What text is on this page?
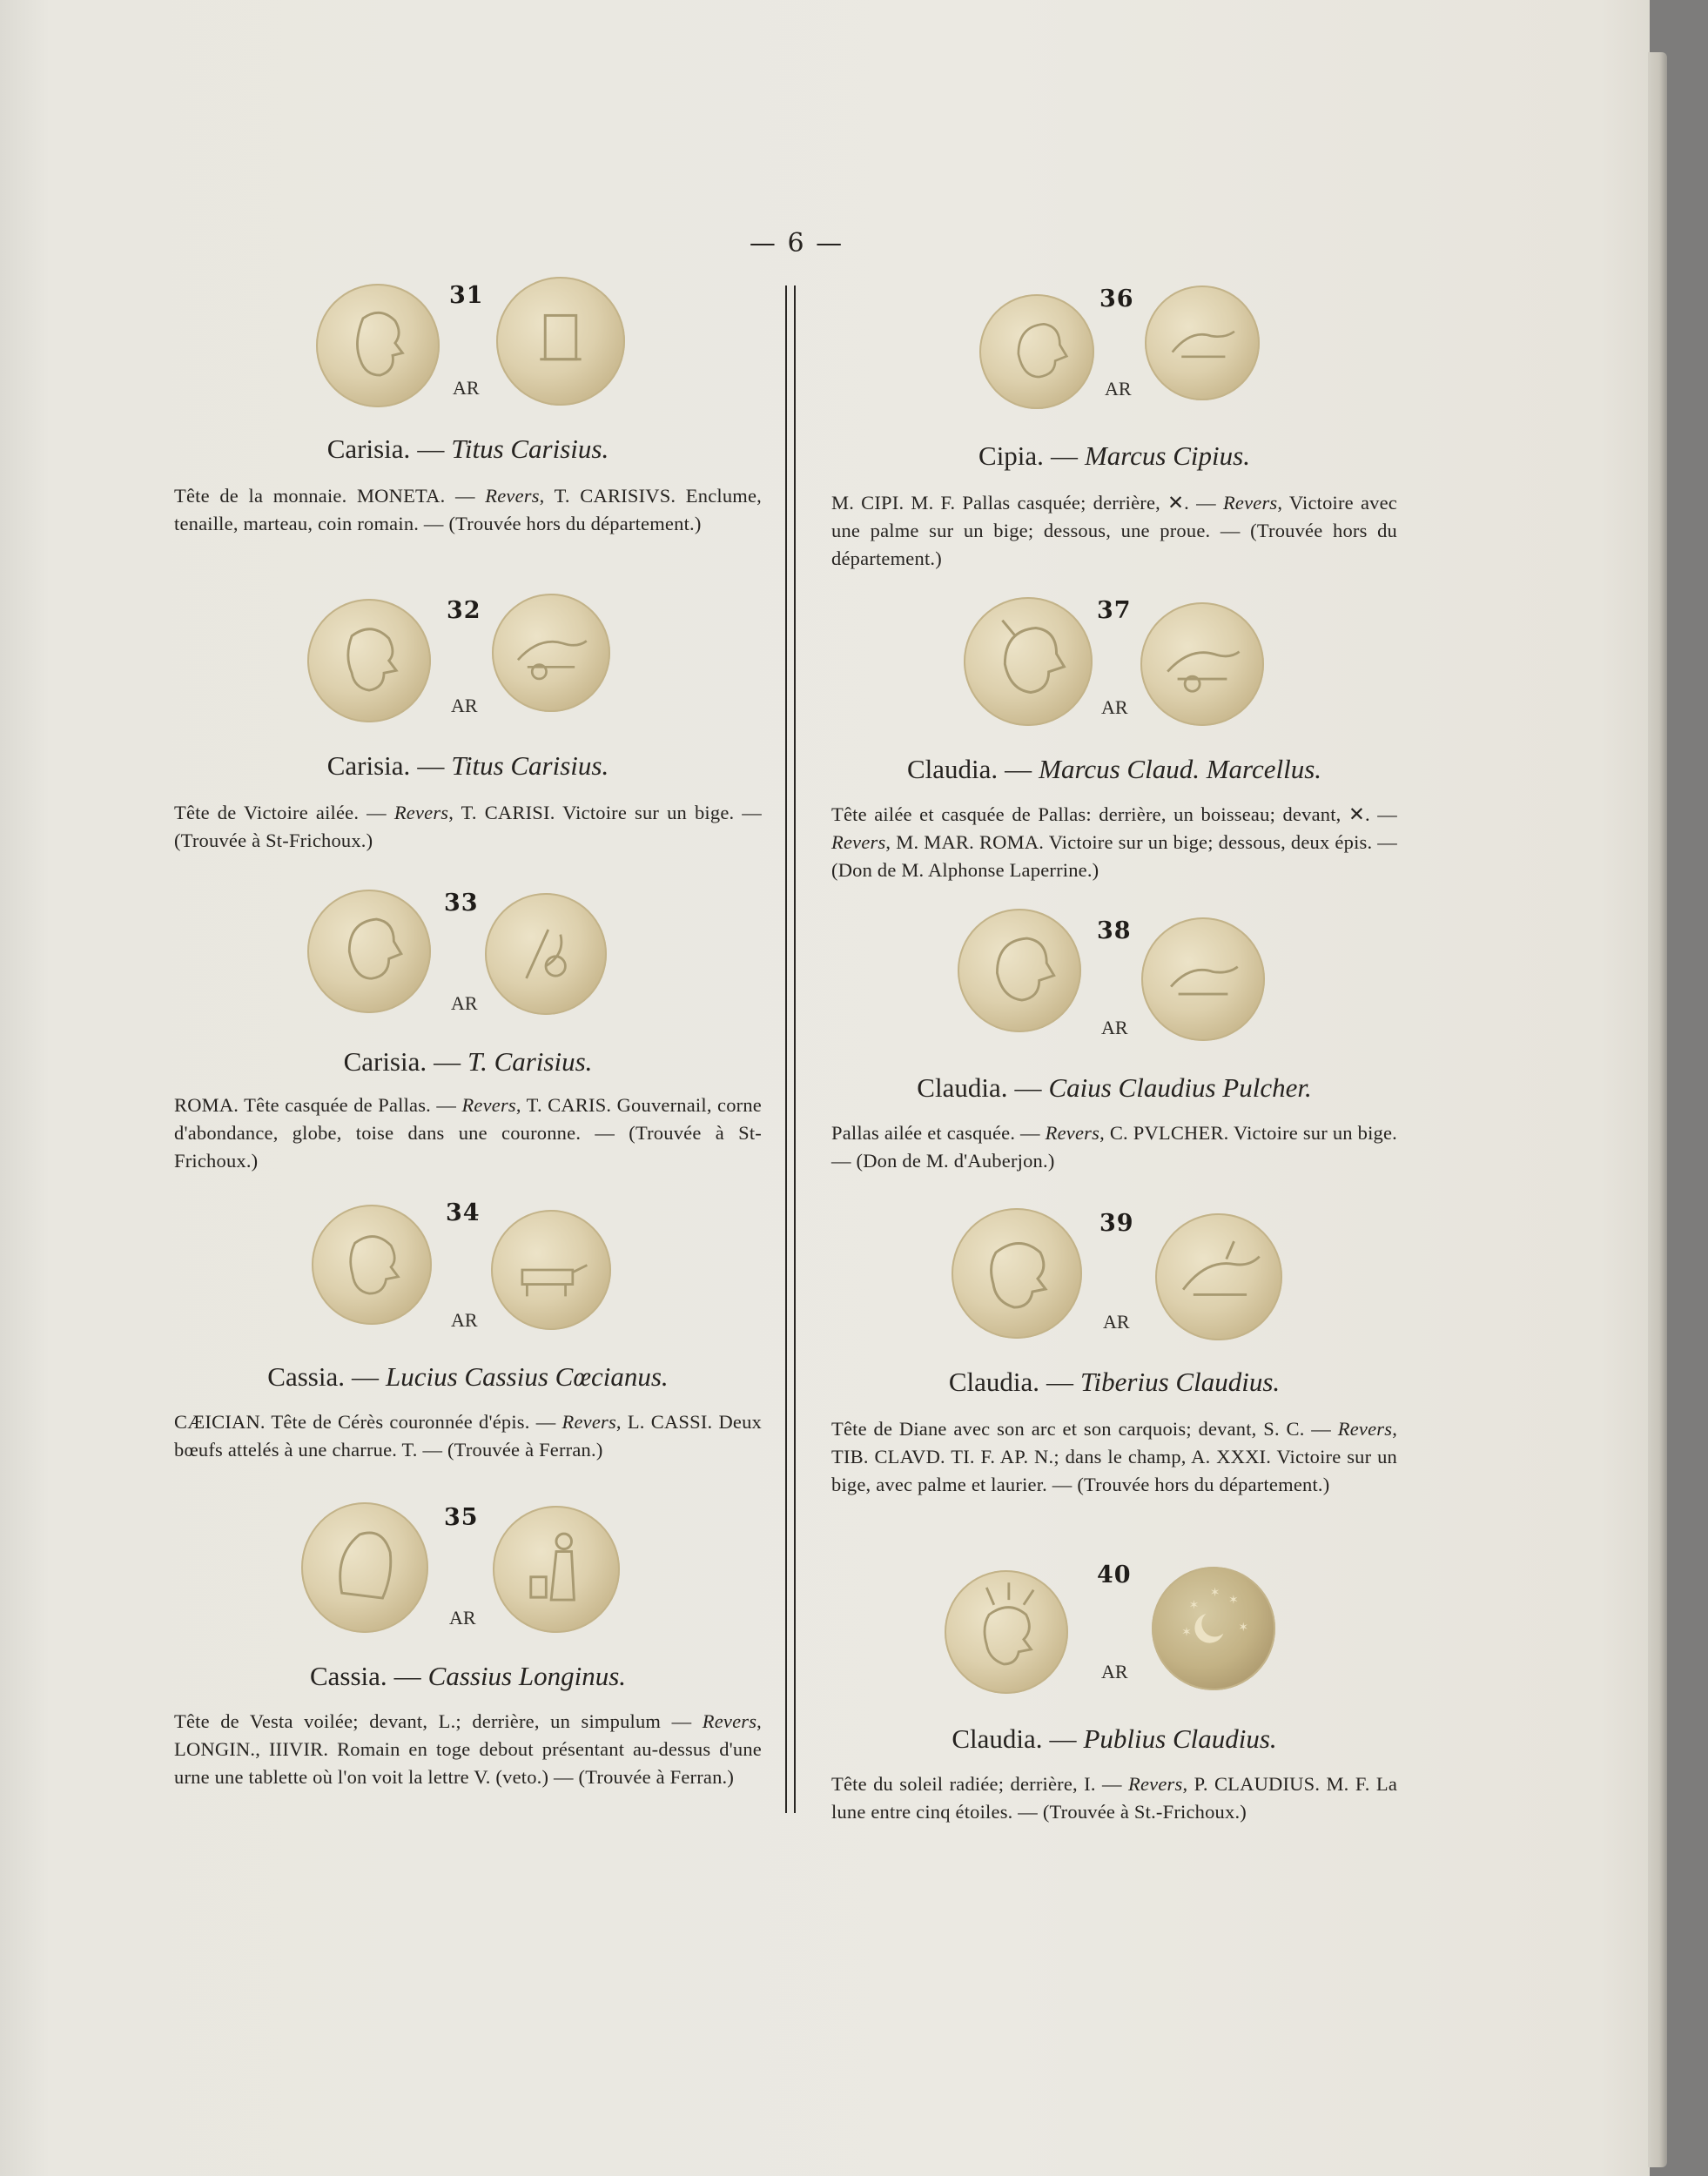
— 6 —
31
AR

Carisia. — Titus Carisius.

Tête de la monnaie. MONETA. — Revers, T. CARISIVS. Enclume, tenaille, marteau, coin romain. — (Trouvée hors du département.)

32
AR

Carisia. — Titus Carisius.

Tête de Victoire ailée. — Revers, T. CARISI. Victoire sur un bige. — (Trouvée à St-Frichoux.)

33
AR

Carisia. — T. Carisius.

ROMA. Tête casquée de Pallas. — Revers, T. CARIS. Gouvernail, corne d'abondance, globe, toise dans une couronne. — (Trouvée à St-Frichoux.)

34
AR

Cassia. — Lucius Cassius Cœcianus.

CÆICIAN. Tête de Cérès couronnée d'épis. — Revers, L. CASSI. Deux bœufs attelés à une charrue. T. — (Trouvée à Ferran.)

35
AR

Cassia. — Cassius Longinus.

Tête de Vesta voilée; devant, L.; derrière, un simpulum — Revers, LONGIN., IIIVIR. Romain en toge debout présentant au-dessus d'une urne une tablette où l'on voit la lettre V. (veto.) — (Trouvée à Ferran.)

36
AR

Cipia. — Marcus Cipius.

M. CIPI. M. F. Pallas casquée; derrière, ✕. — Revers, Victoire avec une palme sur un bige; dessous, une proue. — (Trouvée hors du département.)

37
AR

Claudia. — Marcus Claud. Marcellus.

Tête ailée et casquée de Pallas: derrière, un boisseau; devant, ✕. — Revers, M. MAR. ROMA. Victoire sur un bige; dessous, deux épis. — (Don de M. Alphonse Laperrine.)

38
AR

Claudia. — Caius Claudius Pulcher.

Pallas ailée et casquée. — Revers, C. PVLCHER. Victoire sur un bige. — (Don de M. d'Auberjon.)

39
AR

Claudia. — Tiberius Claudius.

Tête de Diane avec son arc et son carquois; devant, S. C. — Revers, TIB. CLAVD. TI. F. AP. N.; dans le champ, A. XXXI. Victoire sur un bige, avec palme et laurier. — (Trouvée hors du département.)

✶	✶
✶	✶
✶
40
AR

Claudia. — Publius Claudius.

Tête du soleil radiée; derrière, I. — Revers, P. CLAUDIUS. M. F. La lune entre cinq étoiles. — (Trouvée à St.-Frichoux.)
